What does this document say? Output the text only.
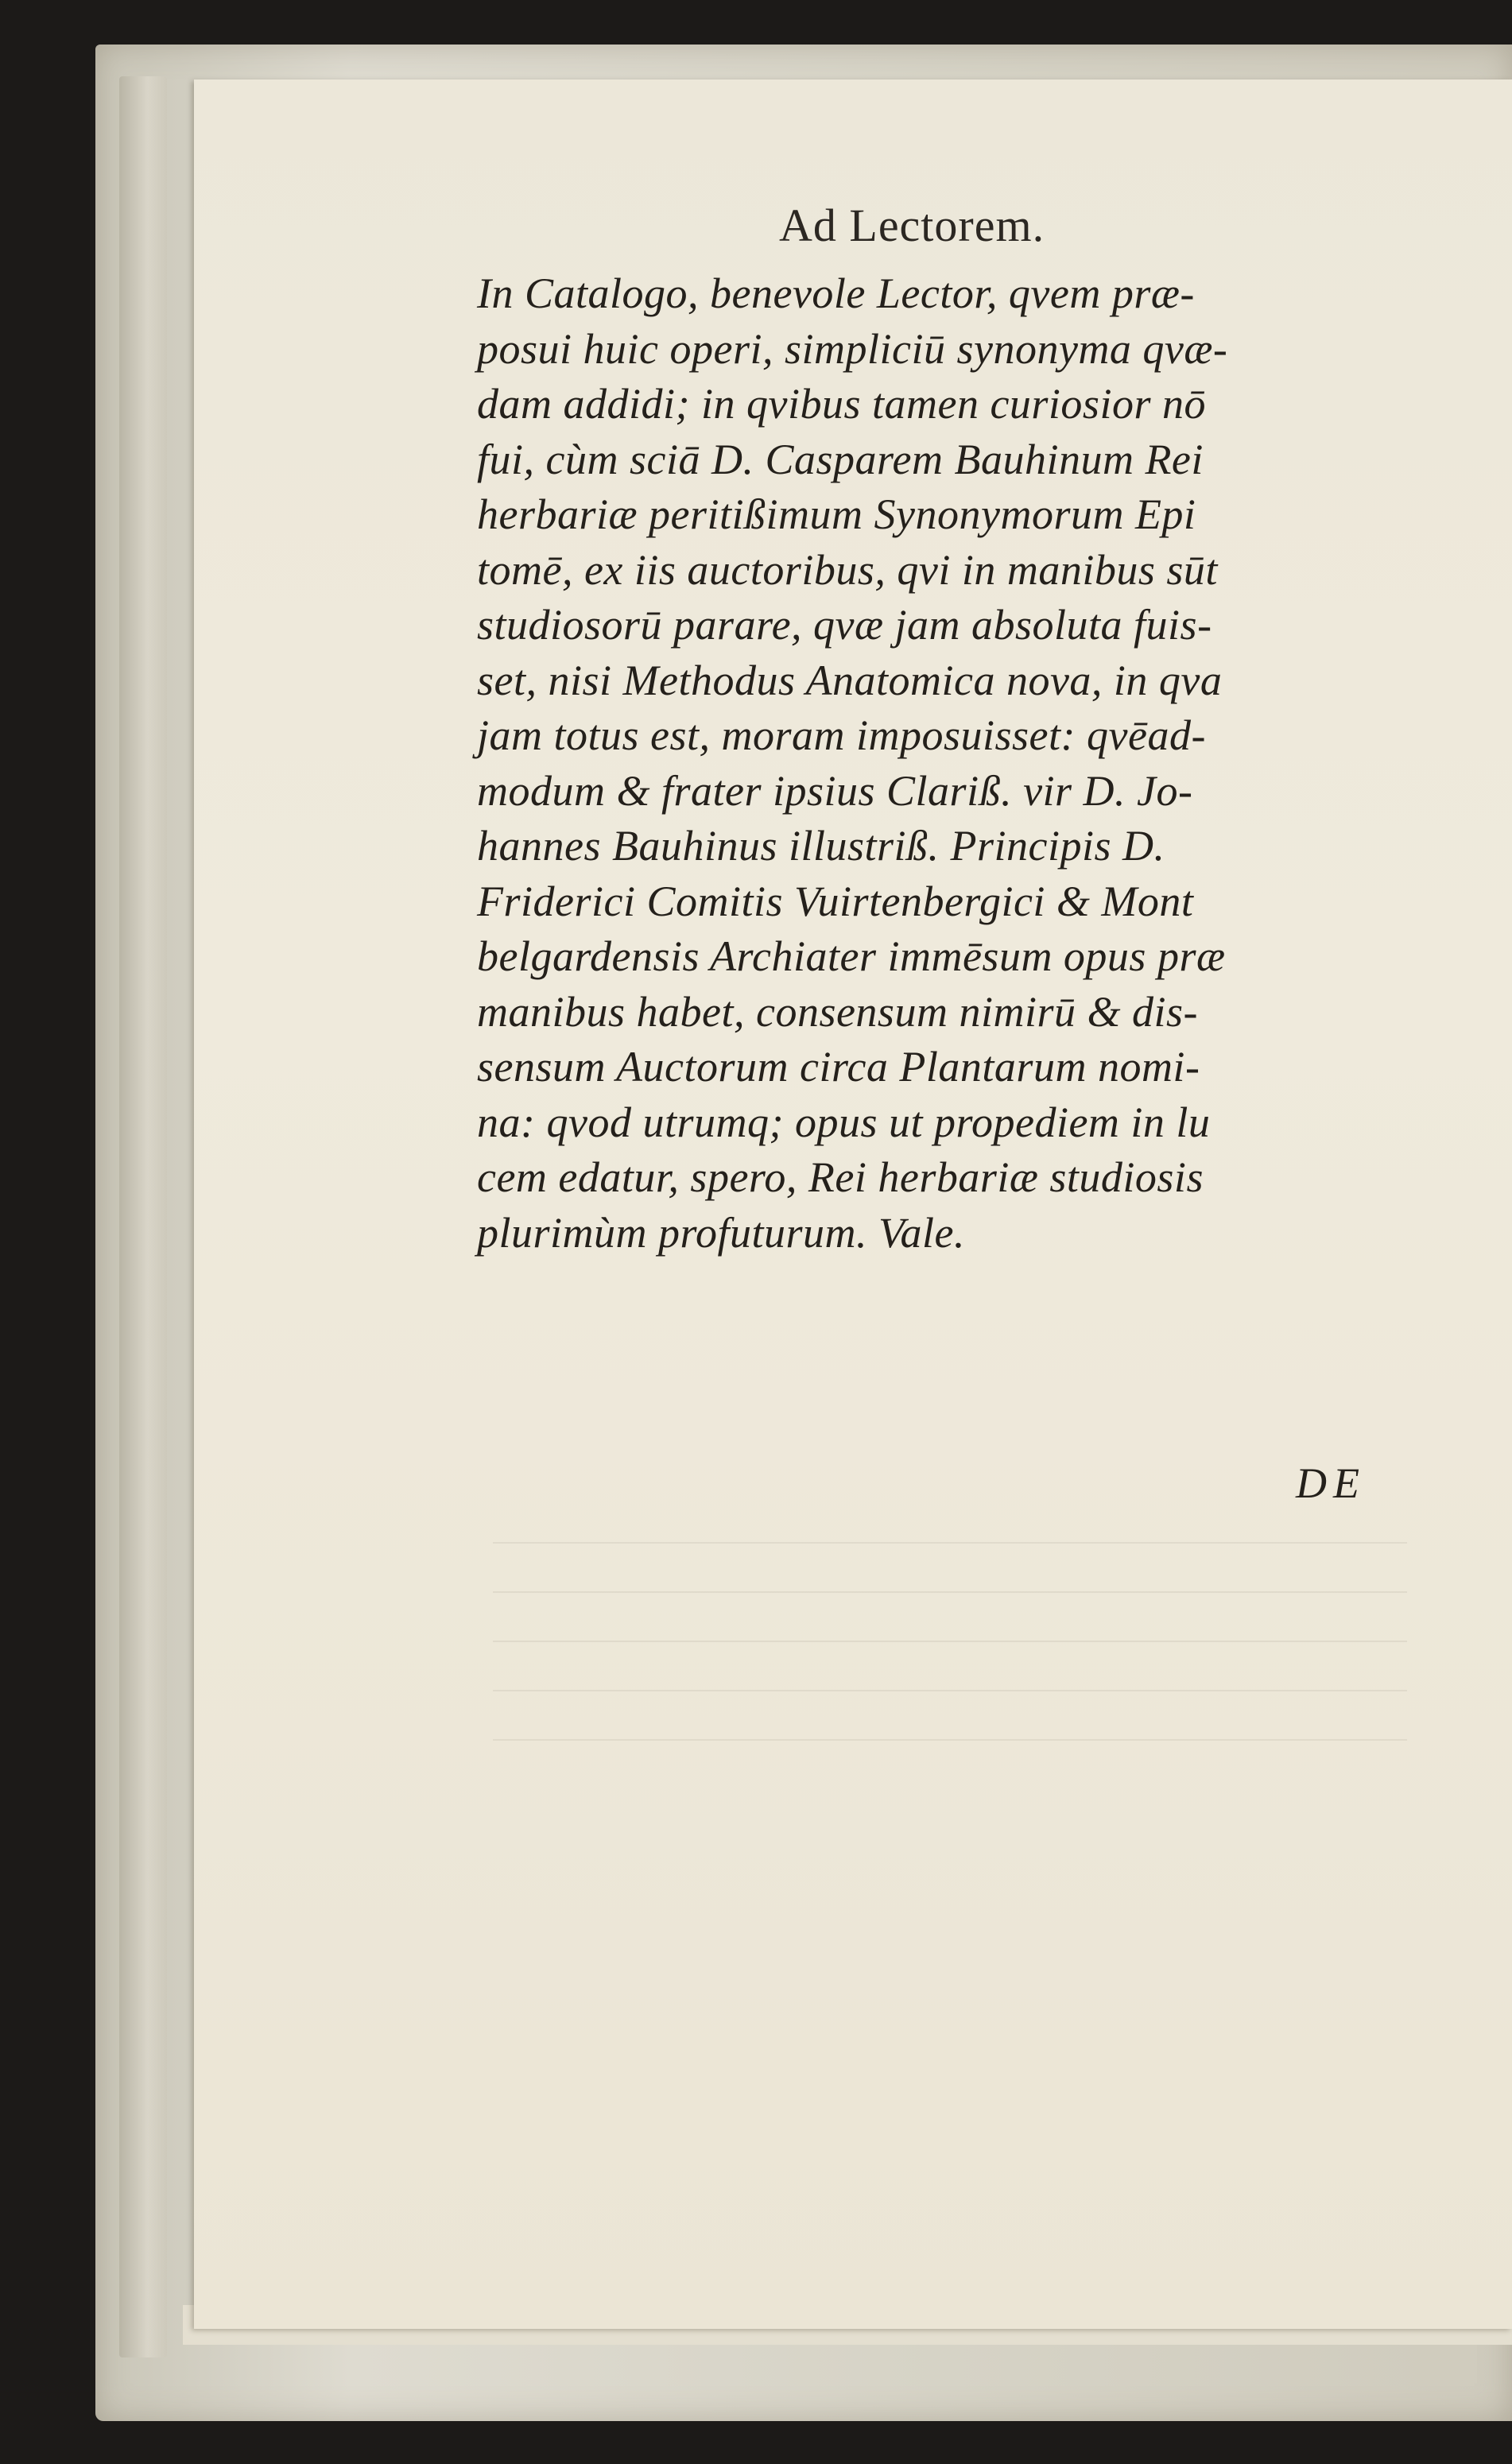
Ad Lectorem.
In Catalogo, benevole Lector, qvem præ-
posui huic operi, simpliciū synonyma qvæ-
dam addidi; in qvibus tamen curiosior nō
fui, cùm sciā D. Casparem Bauhinum Rei
herbariæ peritißimum Synonymorum Epi
tomē, ex iis auctoribus, qvi in manibus sūt
studiosorū parare, qvæ jam absoluta fuis-
set, nisi Methodus Anatomica nova, in qva
jam totus est, moram imposuisset: qvēad-
modum & frater ipsius Clariß. vir D. Jo-
hannes Bauhinus illustriß. Principis D.
Friderici Comitis Vuirtenbergici & Mont
belgardensis Archiater immēsum opus præ
manibus habet, consensum nimirū & dis-
sensum Auctorum circa Plantarum nomi-
na: qvod utrumq; opus ut propediem in lu
cem edatur, spero, Rei herbariæ studiosis
plurimùm profuturum. Vale.
DE
